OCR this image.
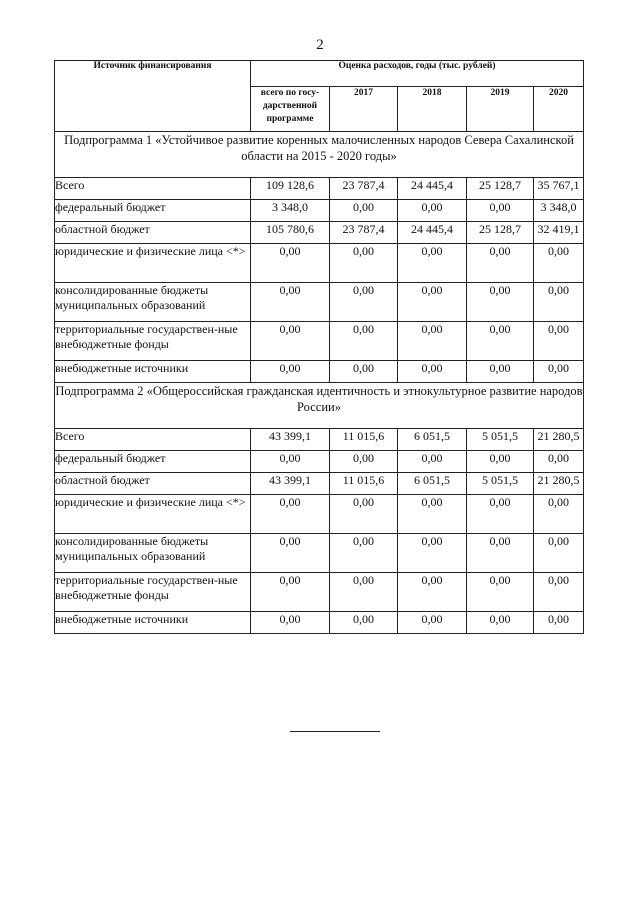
2
Источник финансирования	Оценка расходов, годы (тыс. рублей)				
	всего по госу-дарственной программе	2017	2018	2019	2020
Подпрограмма 1 «Устойчивое развитие коренных малочисленных народов Севера Сахалинской области на 2015 - 2020 годы»					
Всего	109 128,6	23 787,4	24 445,4	25 128,7	35 767,1
федеральный бюджет	3 348,0	0,00	0,00	0,00	3 348,0
областной бюджет	105 780,6	23 787,4	24 445,4	25 128,7	32 419,1
юридические и физические лица <*>	0,00	0,00	0,00	0,00	0,00
консолидированные бюджеты муниципальных образований	0,00	0,00	0,00	0,00	0,00
территориальные государствен-ные внебюджетные фонды	0,00	0,00	0,00	0,00	0,00
внебюджетные источники	0,00	0,00	0,00	0,00	0,00
Подпрограмма 2 «Общероссийская гражданская идентичность и этнокультурное развитие народов России»					
Всего	43 399,1	11 015,6	6 051,5	5 051,5	21 280,5
федеральный бюджет	0,00	0,00	0,00	0,00	0,00
областной бюджет	43 399,1	11 015,6	6 051,5	5 051,5	21 280,5
юридические и физические лица <*>	0,00	0,00	0,00	0,00	0,00
консолидированные бюджеты муниципальных образований	0,00	0,00	0,00	0,00	0,00
территориальные государствен-ные внебюджетные фонды	0,00	0,00	0,00	0,00	0,00
внебюджетные источники	0,00	0,00	0,00	0,00	0,00
